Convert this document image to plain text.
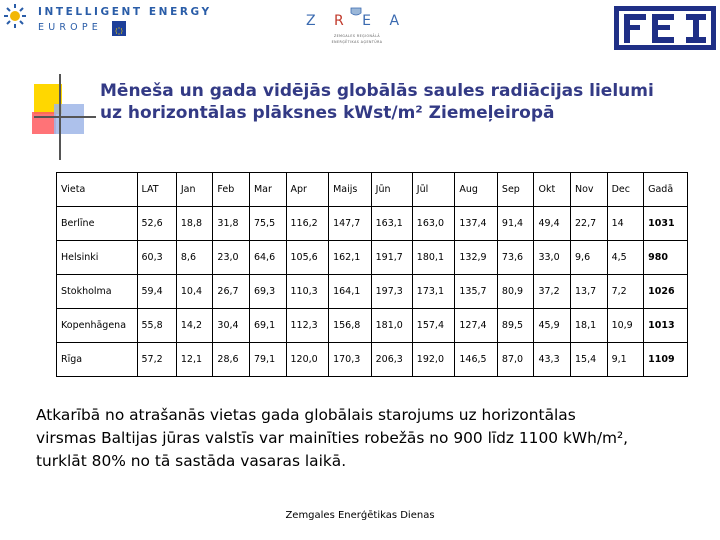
INTELLIGENT ENERGY
EUROPE	Z R E A
ZEMGALES REĢIONĀLĀ
ENERĢĒTIKAS AĢENTŪRA
Mēneša un gada vidējās globālās saules radiācijas lielumi
uz horizontālas plāksnes kWst/m² Ziemeļeiropā
Vieta	LAT	Jan	Feb	Mar	Apr	Maijs	Jūn	Jūl	Aug	Sep	Okt	Nov	Dec	Gadā
Berlīne	52,6	18,8	31,8	75,5	116,2	147,7	163,1	163,0	137,4	91,4	49,4	22,7	14	1031
Helsinki	60,3	8,6	23,0	64,6	105,6	162,1	191,7	180,1	132,9	73,6	33,0	9,6	4,5	980
Stokholma	59,4	10,4	26,7	69,3	110,3	164,1	197,3	173,1	135,7	80,9	37,2	13,7	7,2	1026
Kopenhāgena	55,8	14,2	30,4	69,1	112,3	156,8	181,0	157,4	127,4	89,5	45,9	18,1	10,9	1013
Rīga	57,2	12,1	28,6	79,1	120,0	170,3	206,3	192,0	146,5	87,0	43,3	15,4	9,1	1109
Atkarībā no atrašanās vietas gada globālais starojums uz horizontālas
virsmas Baltijas jūras valstīs var mainīties robežās no 900 līdz 1100 kWh/m²,
turklāt 80% no tā sastāda vasaras laikā.
Zemgales Enerģētikas Dienas
